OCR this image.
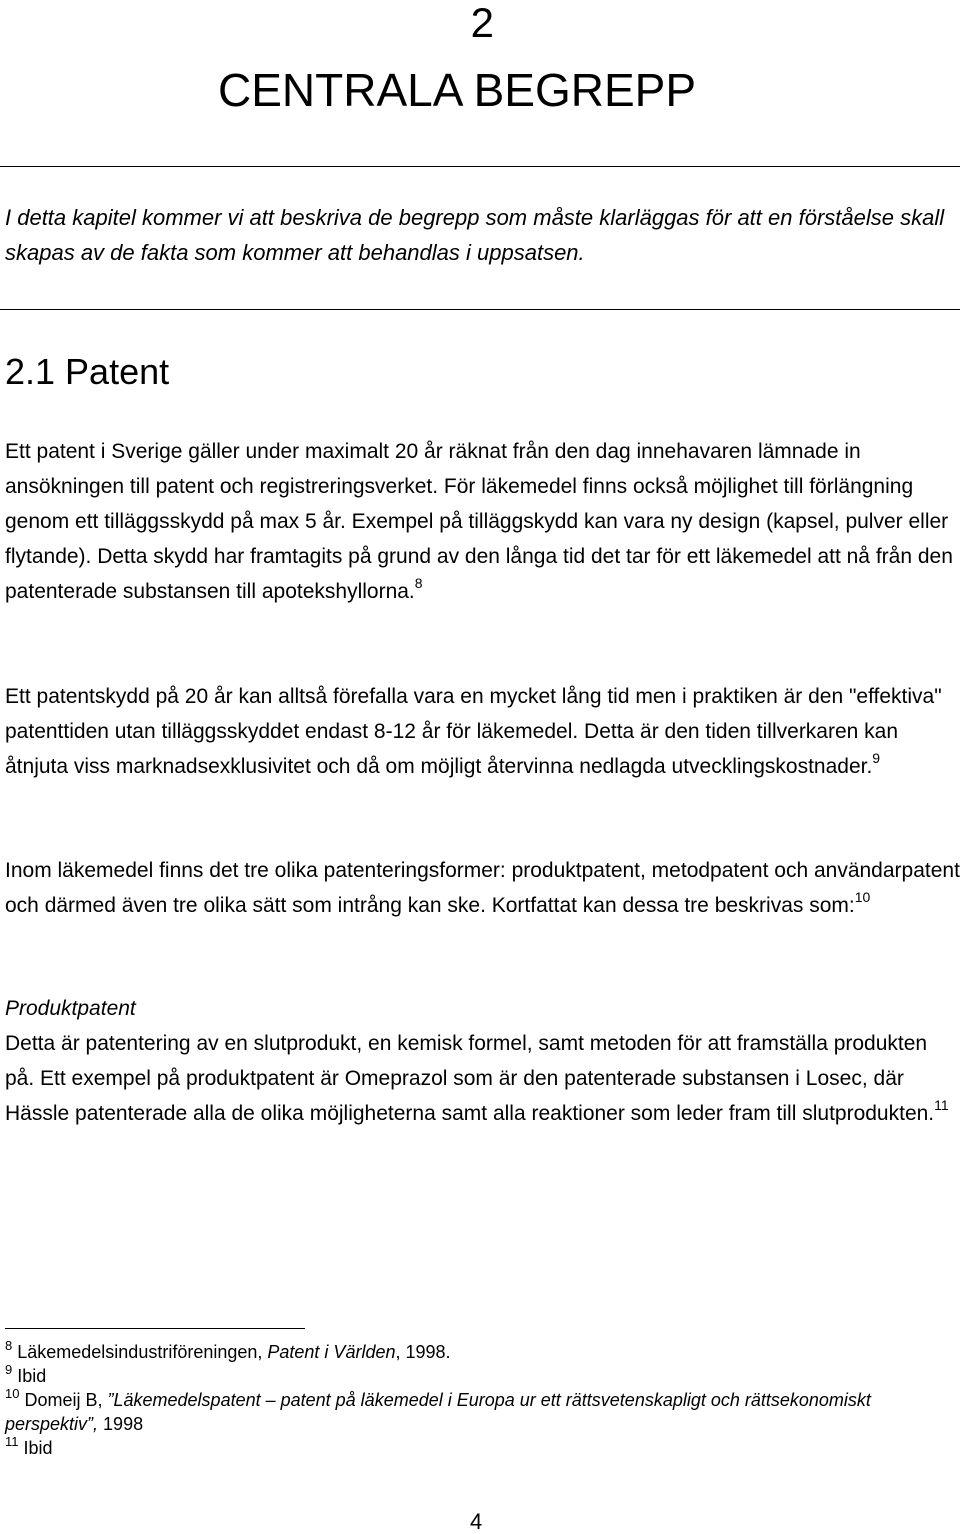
2
CENTRALA BEGREPP
I detta kapitel kommer vi att beskriva de begrepp som måste klarläggas för att en förståelse skall skapas av de fakta som kommer att behandlas i uppsatsen.
2.1 Patent
Ett patent i Sverige gäller under maximalt 20 år räknat från den dag innehavaren lämnade in ansökningen till patent och registreringsverket. För läkemedel finns också möjlighet till förlängning genom ett tilläggsskydd på max 5 år. Exempel på tilläggskydd kan vara ny design (kapsel, pulver eller flytande). Detta skydd har framtagits på grund av den långa tid det tar för ett läkemedel att nå från den patenterade substansen till apotekshyllorna.$^8$
Ett patentskydd på 20 år kan alltså förefalla vara en mycket lång tid men i praktiken är den "effektiva" patenttiden utan tilläggsskyddet endast 8-12 år för läkemedel. Detta är den tiden tillverkaren kan åtnjuta viss marknadsexklusivitet och då om möjligt återvinna nedlagda utvecklingskostnader.$^9$
Inom läkemedel finns det tre olika patenteringsformer: produktpatent, metodpatent och användarpatent och därmed även tre olika sätt som intrång kan ske. Kortfattat kan dessa tre beskrivas som:$^{10}$
Produktpatent
Detta är patentering av en slutprodukt, en kemisk formel, samt metoden för att framställa produkten på. Ett exempel på produktpatent är Omeprazol som är den patenterade substansen i Losec, där Hässle patenterade alla de olika möjligheterna samt alla reaktioner som leder fram till slutprodukten.$^{11}$

$^8$ Läkemedelsindustriföreningen, Patent i Världen, 1998.

$^9$ Ibid

$^{10}$ Domeij B, ”Läkemedelspatent – patent på läkemedel i Europa ur ett rättsvetenskapligt och rättsekonomiskt perspektiv”, 1998

$^{11}$ Ibid

4
